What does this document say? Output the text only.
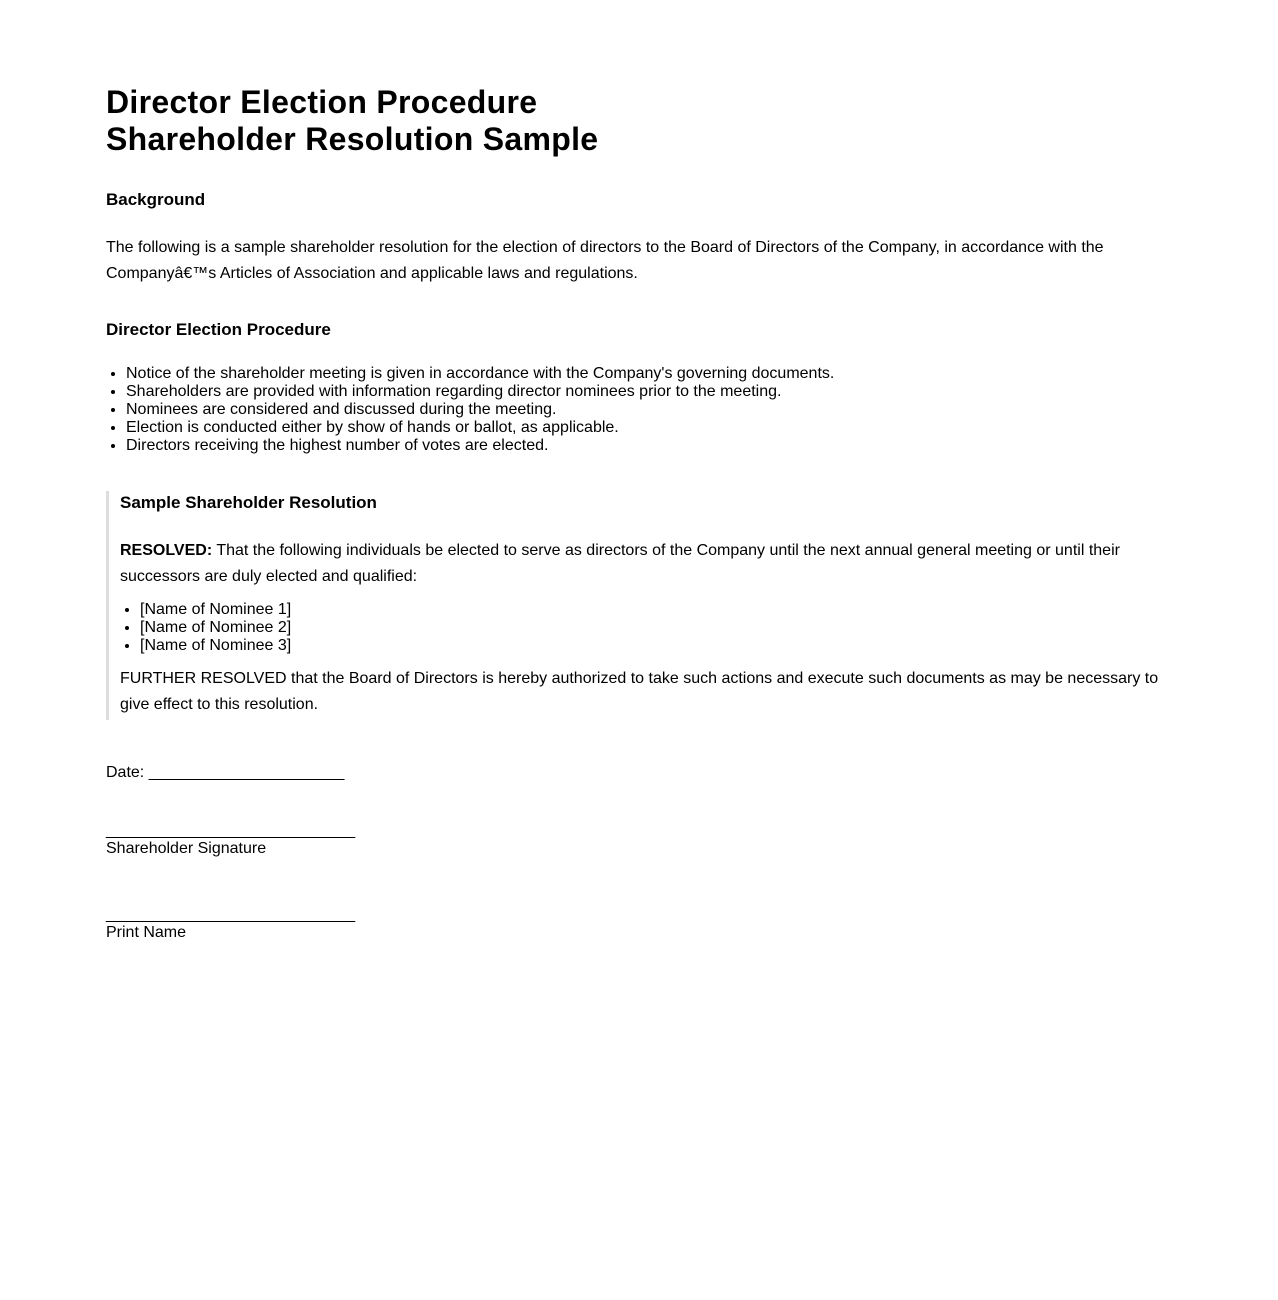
Director Election Procedure
Shareholder Resolution Sample
Background

The following is a sample shareholder resolution for the election of directors to the Board of Directors of the Company, in accordance with the Companyâ€™s Articles of Association and applicable laws and regulations.

Director Election Procedure
• Notice of the shareholder meeting is given in accordance with the Company's governing documents.
• Shareholders are provided with information regarding director nominees prior to the meeting.
• Nominees are considered and discussed during the meeting.
• Election is conducted either by show of hands or ballot, as applicable.
• Directors receiving the highest number of votes are elected.
Sample Shareholder Resolution

RESOLVED: That the following individuals be elected to serve as directors of the Company until the next annual general meeting or until their successors are duly elected and qualified:

• [Name of Nominee 1]
• [Name of Nominee 2]
• [Name of Nominee 3]

FURTHER RESOLVED that the Board of Directors is hereby authorized to take such actions and execute such documents as may be necessary to give effect to this resolution.

Date: ______________________
____________________________
Shareholder Signature
____________________________
Print Name
